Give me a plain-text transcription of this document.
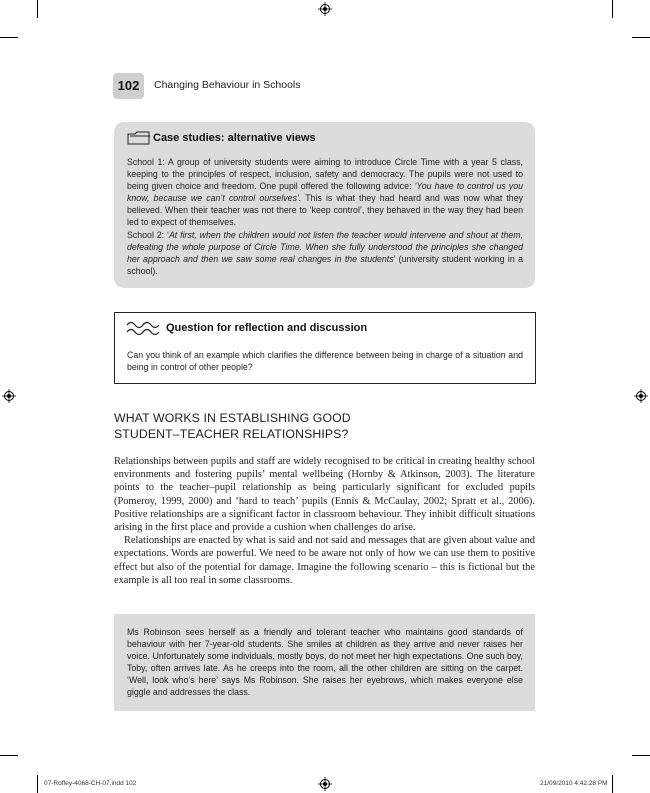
102	Changing Behaviour in Schools
Case studies: alternative views

School 1: A group of university students were aiming to introduce Circle Time with a year 5 class, keeping to the principles of respect, inclusion, safety and democracy. The pupils were not used to being given choice and freedom. One pupil offered the following advice: ‘You have to control us you know, because we can’t control ourselves’. This is what they had heard and was now what they believed. When their teacher was not there to ‘keep control’, they behaved in the way they had been led to expect of themselves.

School 2: ‘At first, when the children would not listen the teacher would intervene and shout at them, defeating the whole purpose of Circle Time. When she fully understood the principles she changed her approach and then we saw some real changes in the students’ (university student working in a school).

Question for reflection and discussion
Can you think of an example which clarifies the difference between being in charge of a situation and being in control of other people?
WHAT WORKS IN ESTABLISHING GOOD
STUDENT–TEACHER RELATIONSHIPS?

Relationships between pupils and staff are widely recognised to be critical in creating healthy school environments and fostering pupils’ mental wellbeing (Hornby & Atkinson, 2003). The literature points to the teacher–pupil relationship as being particularly significant for excluded pupils (Pomeroy, 1999, 2000) and ‘hard to teach’ pupils (Ennis & McCaulay, 2002; Spratt et al., 2006). Positive relationships are a significant factor in classroom behaviour. They inhibit difficult situations arising in the first place and provide a cushion when challenges do arise.

Relationships are enacted by what is said and not said and messages that are given about value and expectations. Words are powerful. We need to be aware not only of how we can use them to positive effect but also of the potential for damage. Imagine the following scenario – this is fictional but the example is all too real in some classrooms.

Ms Robinson sees herself as a friendly and tolerant teacher who maintains good standards of behaviour with her 7-year-old students. She smiles at children as they arrive and never raises her voice. Unfortunately some individuals, mostly boys, do not meet her high expectations. One such boy, Toby, often arrives late. As he creeps into the room, all the other children are sitting on the carpet. ‘Well, look who’s here’ says Ms Robinson. She raises her eyebrows, which makes everyone else giggle and addresses the class.
07-Roffey-4068-CH-07.indd 102	21/09/2010 4:42:28 PM
